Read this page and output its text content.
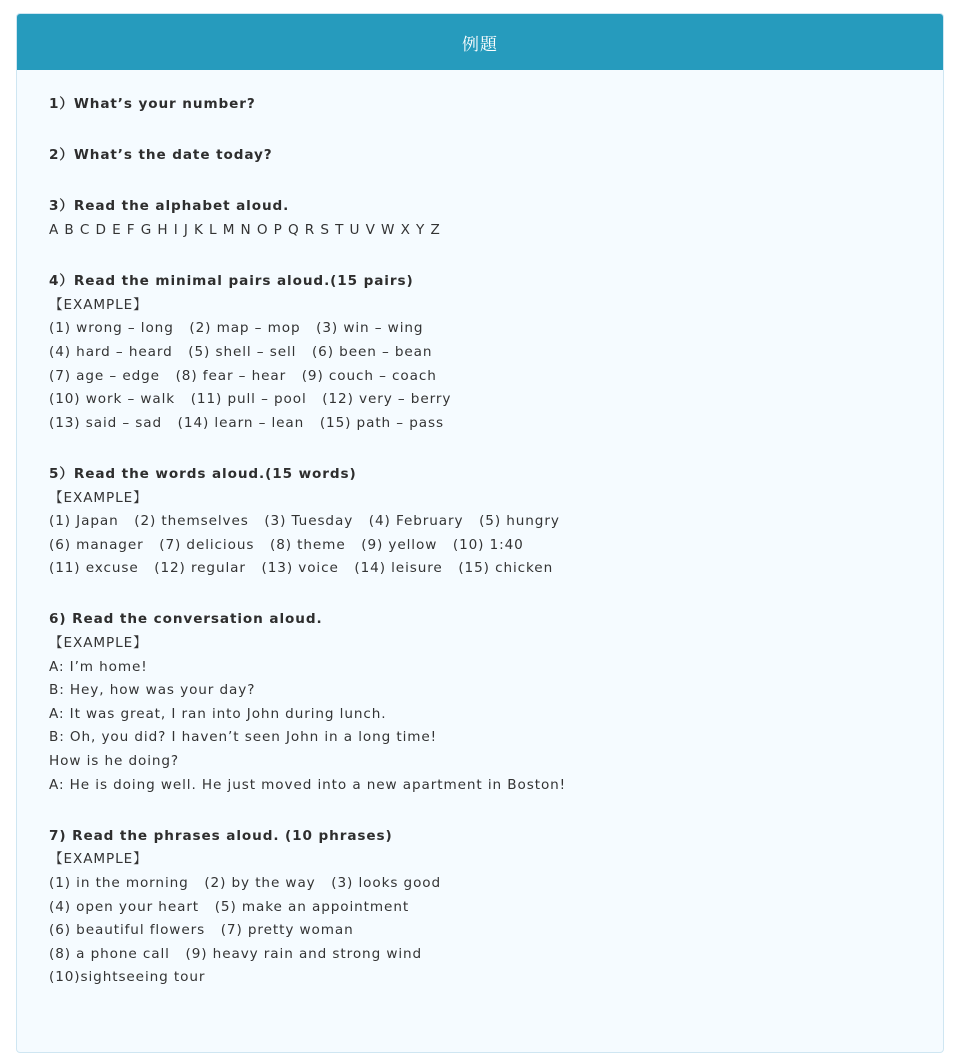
例題
1）What’s your number?
2）What’s the date today?
3）Read the alphabet aloud.
A B C D E F G H I J K L M N O P Q R S T U V W X Y Z
4）Read the minimal pairs aloud.(15 pairs)
【EXAMPLE】
(1) wrong – long   (2) map – mop   (3) win – wing
(4) hard – heard   (5) shell – sell   (6) been – bean
(7) age – edge   (8) fear – hear   (9) couch – coach
(10) work – walk   (11) pull – pool   (12) very – berry
(13) said – sad   (14) learn – lean   (15) path – pass
5）Read the words aloud.(15 words)
【EXAMPLE】
(1) Japan   (2) themselves   (3) Tuesday   (4) February   (5) hungry
(6) manager   (7) delicious   (8) theme   (9) yellow   (10) 1:40
(11) excuse   (12) regular   (13) voice   (14) leisure   (15) chicken
6) Read the conversation aloud.
【EXAMPLE】
A: I’m home!
B: Hey, how was your day?
A: It was great, I ran into John during lunch.
B: Oh, you did? I haven’t seen John in a long time!
How is he doing?
A: He is doing well. He just moved into a new apartment in Boston!
7) Read the phrases aloud. (10 phrases)
【EXAMPLE】
(1) in the morning   (2) by the way   (3) looks good
(4) open your heart   (5) make an appointment
(6) beautiful flowers   (7) pretty woman
(8) a phone call   (9) heavy rain and strong wind
(10)sightseeing tour
